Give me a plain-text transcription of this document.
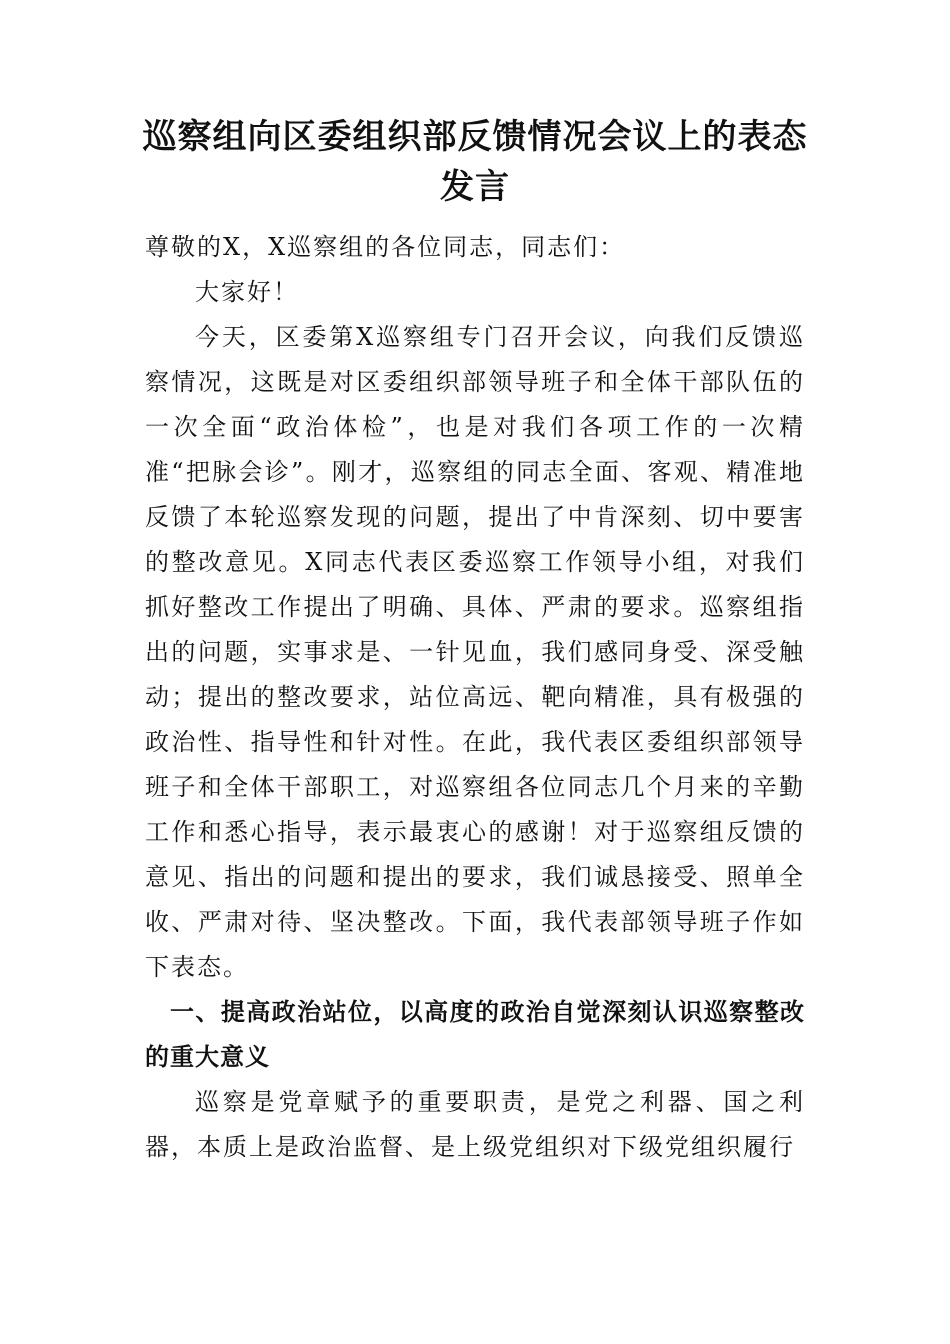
巡察组向区委组织部反馈情况会议上的表态发言

尊敬的X，X巡察组的各位同志，同志们：

大家好！

今天，区委第X巡察组专门召开会议，向我们反馈巡察情况，这既是对区委组织部领导班子和全体干部队伍的一次全面“政治体检”，也是对我们各项工作的一次精准“把脉会诊”。刚才，巡察组的同志全面、客观、精准地反馈了本轮巡察发现的问题，提出了中肯深刻、切中要害的整改意见。X同志代表区委巡察工作领导小组，对我们抓好整改工作提出了明确、具体、严肃的要求。巡察组指出的问题，实事求是、一针见血，我们感同身受、深受触动；提出的整改要求，站位高远、靶向精准，具有极强的政治性、指导性和针对性。在此，我代表区委组织部领导班子和全体干部职工，对巡察组各位同志几个月来的辛勤工作和悉心指导，表示最衷心的感谢！对于巡察组反馈的意见、指出的问题和提出的要求，我们诚恳接受、照单全收、严肃对待、坚决整改。下面，我代表部领导班子作如下表态。

一、提高政治站位，以高度的政治自觉深刻认识巡察整改的重大意义

巡察是党章赋予的重要职责，是党之利器、国之利器，本质上是政治监督、是上级党组织对下级党组织履行
